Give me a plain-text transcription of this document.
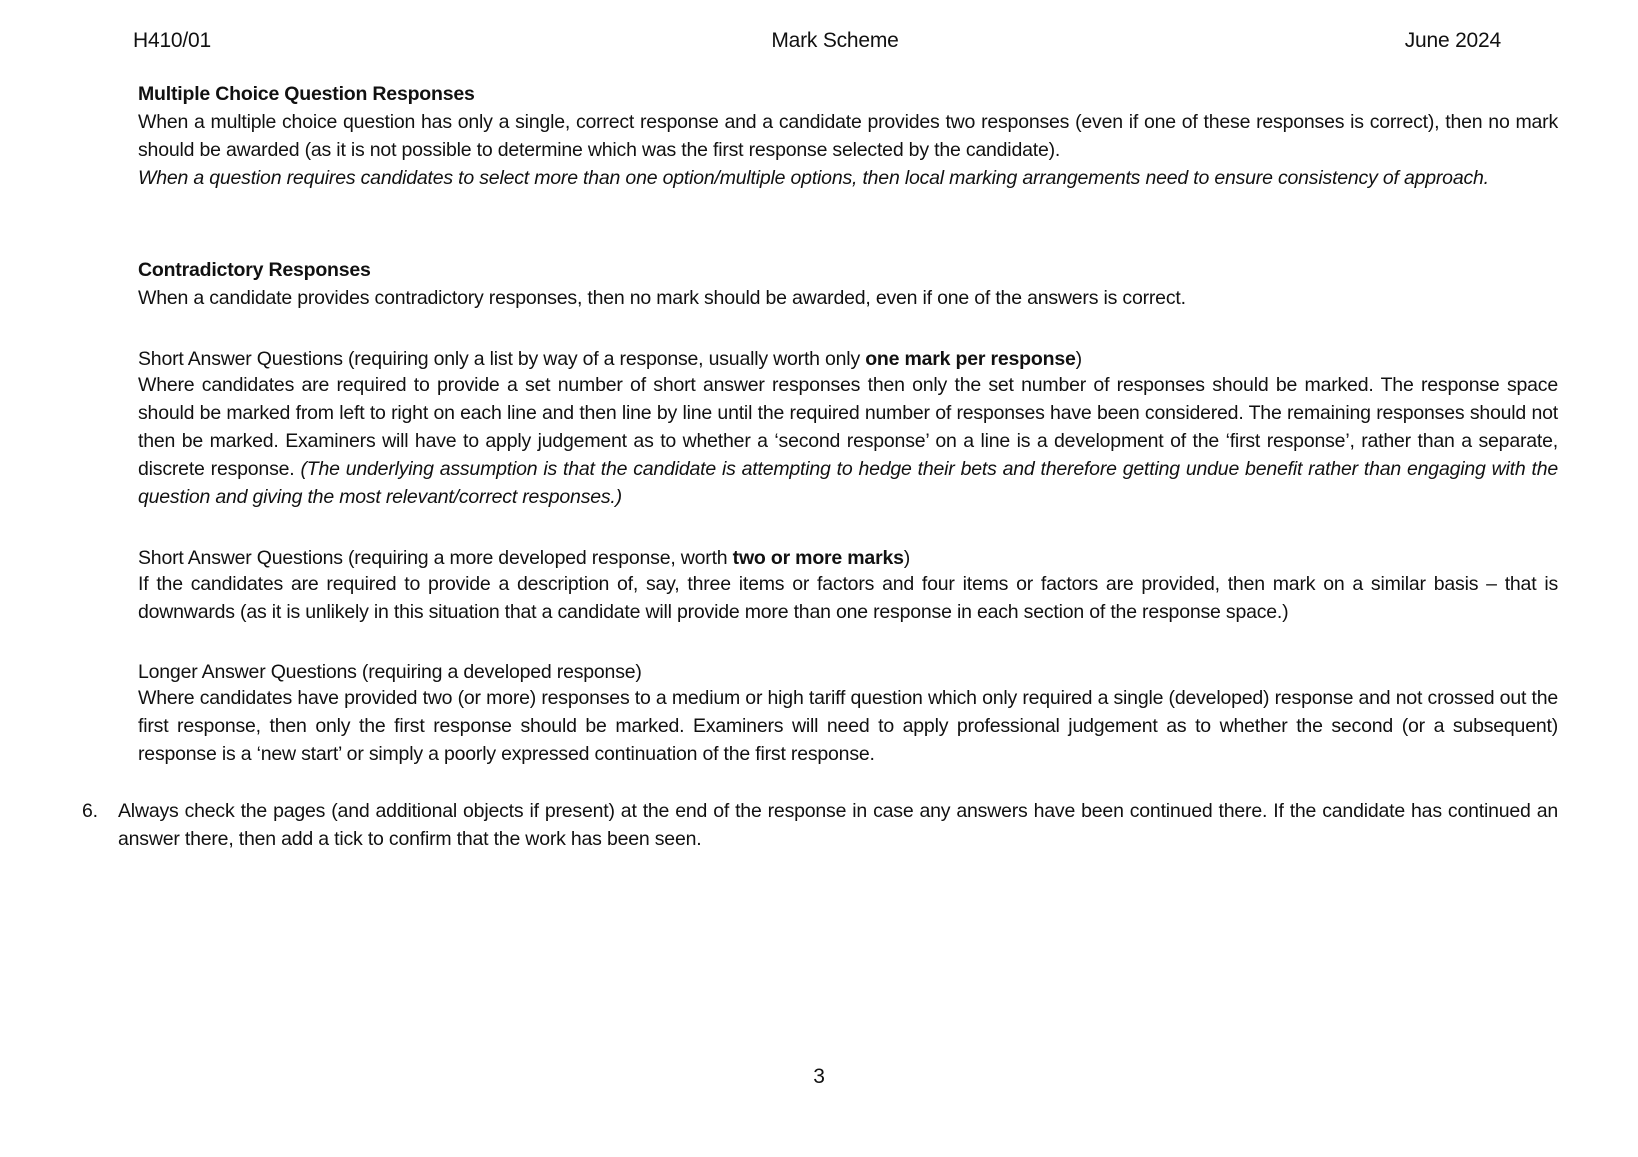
H410/01	Mark Scheme	June 2024
Multiple Choice Question Responses
When a multiple choice question has only a single, correct response and a candidate provides two responses (even if one of these responses is correct), then no mark should be awarded (as it is not possible to determine which was the first response selected by the candidate).
When a question requires candidates to select more than one option/multiple options, then local marking arrangements need to ensure consistency of approach.
Contradictory Responses
When a candidate provides contradictory responses, then no mark should be awarded, even if one of the answers is correct.
Short Answer Questions (requiring only a list by way of a response, usually worth only one mark per response)
Where candidates are required to provide a set number of short answer responses then only the set number of responses should be marked. The response space should be marked from left to right on each line and then line by line until the required number of responses have been considered. The remaining responses should not then be marked. Examiners will have to apply judgement as to whether a ‘second response’ on a line is a development of the ‘first response’, rather than a separate, discrete response. (The underlying assumption is that the candidate is attempting to hedge their bets and therefore getting undue benefit rather than engaging with the question and giving the most relevant/correct responses.)
Short Answer Questions (requiring a more developed response, worth two or more marks)
If the candidates are required to provide a description of, say, three items or factors and four items or factors are provided, then mark on a similar basis – that is downwards (as it is unlikely in this situation that a candidate will provide more than one response in each section of the response space.)
Longer Answer Questions (requiring a developed response)
Where candidates have provided two (or more) responses to a medium or high tariff question which only required a single (developed) response and not crossed out the first response, then only the first response should be marked. Examiners will need to apply professional judgement as to whether the second (or a subsequent) response is a ‘new start’ or simply a poorly expressed continuation of the first response.
6. Always check the pages (and additional objects if present) at the end of the response in case any answers have been continued there. If the candidate has continued an answer there, then add a tick to confirm that the work has been seen.
3
